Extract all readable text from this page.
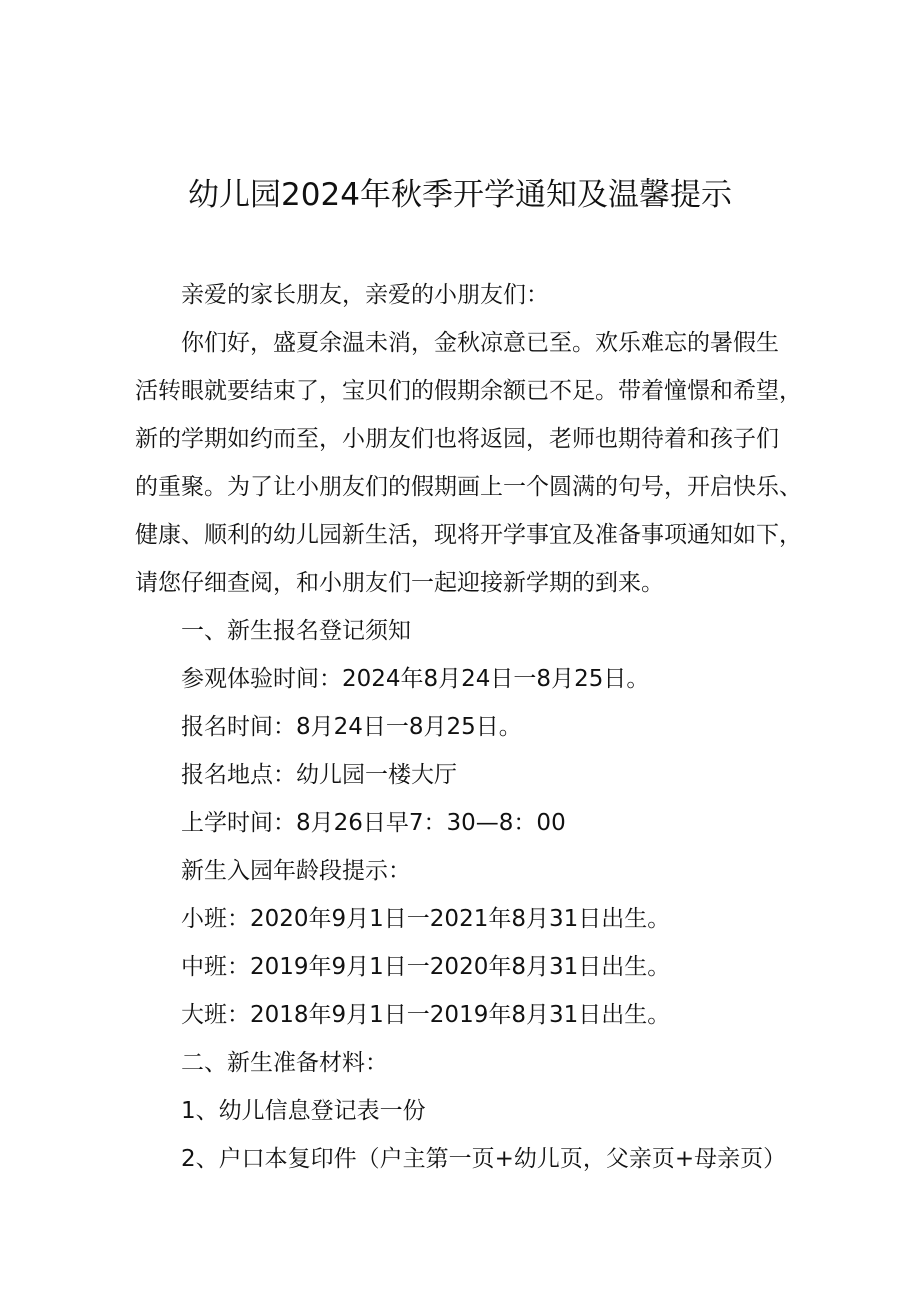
幼儿园2024年秋季开学通知及温馨提示
亲爱的家长朋友，亲爱的小朋友们：
你们好，盛夏余温未消，金秋凉意已至。欢乐难忘的暑假生
活转眼就要结束了，宝贝们的假期余额已不足。带着憧憬和希望，
新的学期如约而至，小朋友们也将返园，老师也期待着和孩子们
的重聚。为了让小朋友们的假期画上一个圆满的句号，开启快乐、
健康、顺利的幼儿园新生活，现将开学事宜及准备事项通知如下，
请您仔细查阅，和小朋友们一起迎接新学期的到来。
一、新生报名登记须知
参观体验时间：2024年8月24日一8月25日。
报名时间：8月24日一8月25日。
报名地点：幼儿园一楼大厅
上学时间：8月26日早7：30—8：00
新生入园年龄段提示：
小班：2020年9月1日一2021年8月31日出生。
中班：2019年9月1日一2020年8月31日出生。
大班：2018年9月1日一2019年8月31日出生。
二、新生准备材料：
1、幼儿信息登记表一份
2、户口本复印件（户主第一页+幼儿页，父亲页+母亲页）
